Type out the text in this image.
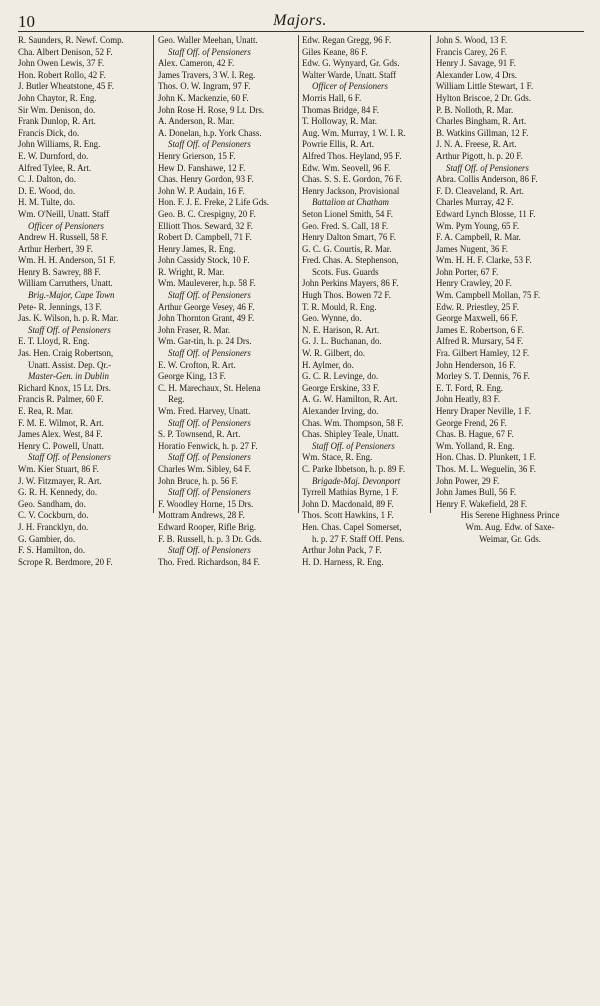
10	Majors.
R. Saunders, R. Newf. Comp.
Cha. Albert Denison, 52 F.
John Owen Lewis, 37 F.
Hon. Robert Rollo, 42 F.
J. Butler Wheatstone, 45 F.
John Chaytor, R. Eng.
Sir Wm. Denison, do.
Frank Dunlop, R. Art.
Francis Dick, do.
John Williams, R. Eng.
E. W. Durnford, do.
Alfred Tylee, R. Art.
C. J. Dalton, do.
D. E. Wood, do.
H. M. Tulte, do.
Wm. O'Neill, Unatt. Staff
Officer of Pensioners
Andrew H. Russell, 58 F.
Arthur Herbert, 39 F.
Wm. H. H. Anderson, 51 F.
Henry B. Sawrey, 88 F.
William Carruthers, Unatt.
Brig.-Major, Cape Town
Pete- R. Jennings, 13 F.
Jas. K. Wilson, h. p. R. Mar.
Staff Off. of Pensioners
E. T. Lloyd, R. Eng.
Jas. Hen. Craig Robertson,
Unatt. Assist. Dep. Qr.-
Master-Gen. in Dublin
Richard Knox, 15 Lt. Drs.
Francis R. Palmer, 60 F.
E. Rea, R. Mar.
F. M. E. Wilmot, R. Art.
James Alex. West, 84 F.
Henry C. Powell, Unatt.
Staff Off. of Pensioners
Wm. Kier Stuart, 86 F.
J. W. Fitzmayer, R. Art.
G. R. H. Kennedy, do.
Geo. Sandham, do.
C. V. Cockburn, do.
J. H. Francklyn, do.
G. Gambier, do.
F. S. Hamilton, do.
Scrope R. Berdmore, 20 F.
Geo. Waller Meehan, Unatt.
Staff Off. of Pensioners
Alex. Cameron, 42 F.
James Travers, 3 W. I. Reg.
Thos. O. W. Ingram, 97 F.
John K. Mackenzie, 60 F.
John Rose H. Rose, 9 Lt. Drs.
A. Anderson, R. Mar.
A. Donelan, h.p. York Chass.
Staff Off. of Pensioners
Henry Grierson, 15 F.
Hew D. Fanshawe, 12 F.
Chas. Henry Gordon, 93 F.
John W. P. Audain, 16 F.
Hon. F. J. E. Freke, 2 Life Gds.
Geo. B. C. Crespigny, 20 F.
Elliott Thos. Seward, 32 F.
Robert D. Campbell, 71 F.
Henry James, R. Eng.
John Cassidy Stock, 10 F.
R. Wright, R. Mar.
Wm. Mauleverer, h.p. 58 F.
Staff Off. of Pensioners
Arthur George Vesey, 46 F.
John Thornton Grant, 49 F.
John Fraser, R. Mar.
Wm. Gar-tin, h. p. 24 Drs.
Staff Off. of Pensioners
E. W. Crofton, R. Art.
George King, 13 F.
C. H. Marechaux, St. Helena
Reg.
Wm. Fred. Harvey, Unatt.
Staff Off. of Pensioners
S. P. Townsend, R. Art.
Horatio Fenwick, h. p. 27 F.
Staff Off. of Pensioners
Charles Wm. Sibley, 64 F.
John Bruce, h. p. 56 F.
Staff Off. of Pensioners
F. Woodley Horne, 15 Drs.
Mottram Andrews, 28 F.
Edward Rooper, Rifle Brig.
F. B. Russell, h. p. 3 Dr. Gds.
Staff Off. of Pensioners
Tho. Fred. Richardson, 84 F.
Edw. Regan Gregg, 96 F.
Giles Keane, 86 F.
Edw. G. Wynyard, Gr. Gds.
Walter Warde, Unatt. Staff
Officer of Pensioners
Morris Hall, 6 F.
Thomas Bridge, 84 F.
T. Holloway, R. Mar.
Aug. Wm. Murray, 1 W. I. R.
Powrie Ellis, R. Art.
Alfred Thos. Heyland, 95 F.
Edw. Wm. Seovell, 96 F.
Chas. S. S. E. Gordon, 76 F.
Henry Jackson, Provisional
Battalion at Chatham
Seton Lionel Smith, 54 F.
Geo. Fred. S. Call, 18 F.
Henry Dalton Smart, 76 F.
G. C. G. Courtis, R. Mar.
Fred. Chas. A. Stephenson,
Scots. Fus. Guards
John Perkins Mayers, 86 F.
Hugh Thos. Bowen 72 F.
T. R. Mould, R. Eng.
Geo. Wynne, do.
N. E. Harison, R. Art.
G. J. L. Buchanan, do.
W. R. Gilbert, do.
H. Aylmer, do.
G. C. R. Levinge, do.
George Erskine, 33 F.
A. G. W. Hamilton, R. Art.
Alexander Irving, do.
Chas. Wm. Thompson, 58 F.
Chas. Shipley Teale, Unatt.
Staff Off. of Pensioners
Wm. Stace, R. Eng.
C. Parke Ibbetson, h. p. 89 F.
Brigade-Maj. Devonport
Tyrrell Mathias Byrne, 1 F.
John D. Macdonald, 89 F.
Thos. Scott Hawkins, 1 F.
Hen. Chas. Capel Somerset,
h. p. 27 F. Staff Off. Pens.
Arthur John Pack, 7 F.
H. D. Harness, R. Eng.
John S. Wood, 13 F.
Francis Carey, 26 F.
Henry J. Savage, 91 F.
Alexander Low, 4 Drs.
William Little Stewart, 1 F.
Hylton Briscoe, 2 Dr. Gds.
P. B. Nolloth, R. Mar.
Charles Bingham, R. Art.
B. Watkins Gillman, 12 F.
J. N. A. Freese, R. Art.
Arthur Pigott, h. p. 20 F.
Staff Off. of Pensioners
Abra. Collis Anderson, 86 F.
F. D. Cleaveland, R. Art.
Charles Murray, 42 F.
Edward Lynch Blosse, 11 F.
Wm. Pym Young, 65 F.
F. A. Campbell, R. Mar.
James Nugent, 36 F.
Wm. H. H. F. Clarke, 53 F.
John Porter, 67 F.
Henry Crawley, 20 F.
Wm. Campbell Mollan, 75 F.
Edw. R. Priestley, 25 F.
George Maxwell, 66 F.
James E. Robertson, 6 F.
Alfred R. Mursary, 54 F.
Fra. Gilbert Hamley, 12 F.
John Henderson, 16 F.
Morley S. T. Dennis, 76 F.
E. T. Ford, R. Eng.
John Heatly, 83 F.
Henry Draper Neville, 1 F.
George Frend, 26 F.
Chas. B. Hague, 67 F.
Wm. Yolland, R. Eng.
Hon. Chas. D. Plunkett, 1 F.
Thos. M. L. Weguelin, 36 F.
John Power, 29 F.
John James Bull, 56 F.
Henry F. Wakefield, 28 F.
His Serene Highness Prince
Wm. Aug. Edw. of Saxe-
Weimar, Gr. Gds.
